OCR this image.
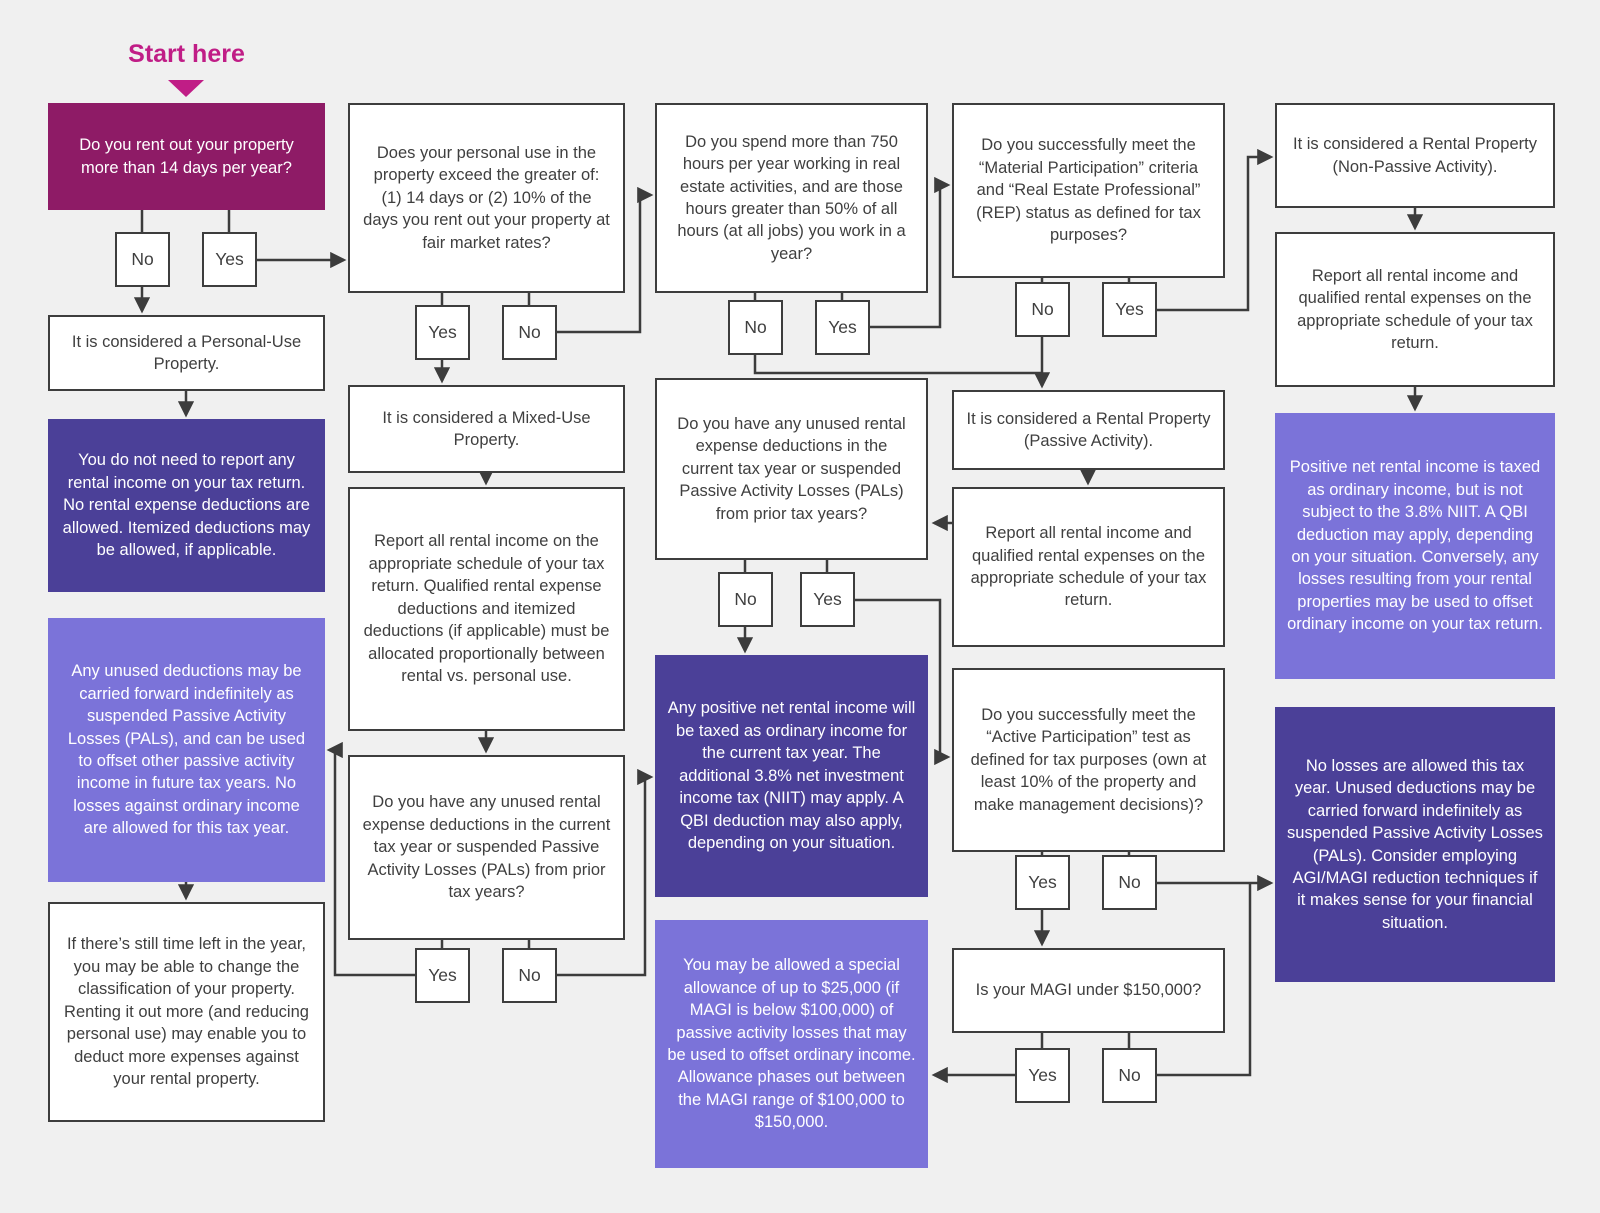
Start here
Do you rent out your property more than 14 days per year?
No	Yes
It is considered a Personal-Use Property.
You do not need to report any rental income on your tax return. No rental expense deductions are allowed. Itemized deductions may be allowed, if applicable.
Any unused deductions may be carried forward indefinitely as suspended Passive Activity Losses (PALs), and can be used to offset other passive activity income in future tax years. No losses against ordinary income are allowed for this tax year.
If there’s still time left in the year, you may be able to change the classification of your property. Renting it out more (and reducing personal use) may enable you to deduct more expenses against your rental property.
Does your personal use in the property exceed the greater of: (1) 14 days or (2) 10% of the days you rent out your property at fair market rates?
Yes	No
It is considered a Mixed-Use Property.
Report all rental income on the appropriate schedule of your tax return. Qualified rental expense deductions and itemized deductions (if applicable) must be allocated proportionally between rental vs. personal use.
Do you have any unused rental expense deductions in the current tax year or suspended Passive Activity Losses (PALs) from prior tax years?
Yes	No
Do you spend more than 750 hours per year working in real estate activities, and are those hours greater than 50% of all hours (at all jobs) you work in a year?
No	Yes
Do you have any unused rental expense deductions in the current tax year or suspended Passive Activity Losses (PALs) from prior tax years?
No	Yes
Any positive net rental income will be taxed as ordinary income for the current tax year. The additional 3.8% net investment income tax (NIIT) may apply. A QBI deduction may also apply, depending on your situation.
You may be allowed a special allowance of up to $25,000 (if MAGI is below $100,000) of passive activity losses that may be used to offset ordinary income. Allowance phases out between the MAGI range of $100,000 to $150,000.
Do you successfully meet the “Material Participation” criteria and “Real Estate Professional” (REP) status as defined for tax purposes?
No	Yes
It is considered a Rental Property (Passive Activity).
Report all rental income and qualified rental expenses on the appropriate schedule of your tax return.
Do you successfully meet the “Active Participation” test as defined for tax purposes (own at least 10% of the property and make management decisions)?
Yes	No
Is your MAGI under $150,000?
Yes	No
It is considered a Rental Property (Non-Passive Activity).
Report all rental income and qualified rental expenses on the appropriate schedule of your tax return.
Positive net rental income is taxed as ordinary income, but is not subject to the 3.8% NIIT. A QBI deduction may apply, depending on your situation. Conversely, any losses resulting from your rental properties may be used to offset ordinary income on your tax return.
No losses are allowed this tax year. Unused deductions may be carried forward indefinitely as suspended Passive Activity Losses (PALs). Consider employing AGI/MAGI reduction techniques if it makes sense for your financial situation.
